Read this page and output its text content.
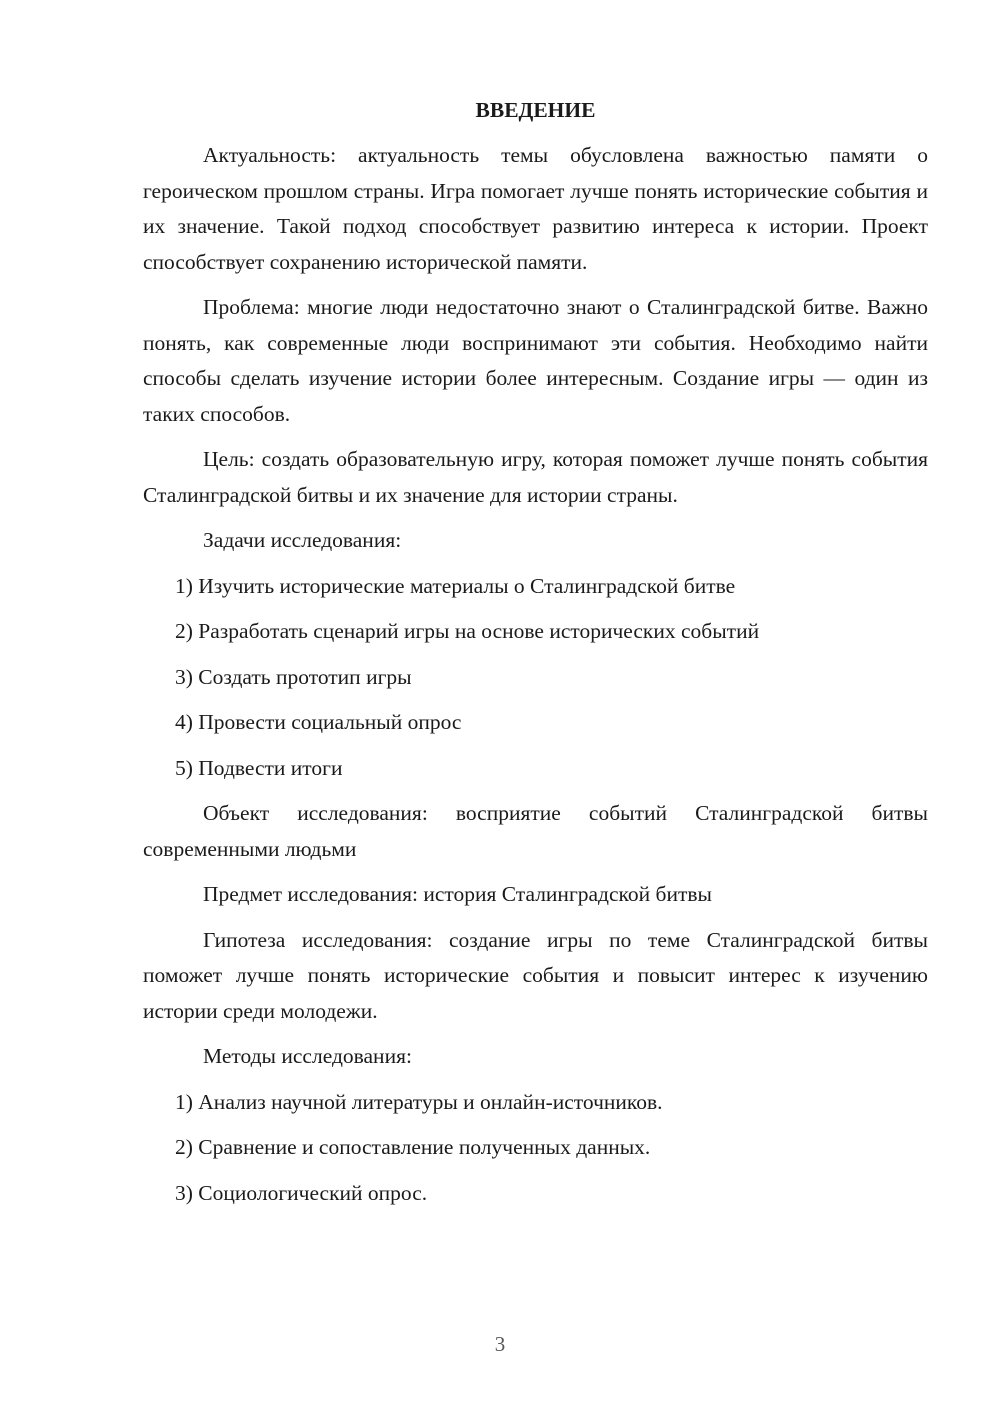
ВВЕДЕНИЕ

Актуальность: актуальность темы обусловлена важностью памяти о героическом прошлом страны. Игра помогает лучше понять исторические события и их значение. Такой подход способствует развитию интереса к истории. Проект способствует сохранению исторической памяти.

Проблема: многие люди недостаточно знают о Сталинградской битве. Важно понять, как современные люди воспринимают эти события. Необходимо найти способы сделать изучение истории более интересным. Создание игры — один из таких способов.

Цель: создать образовательную игру, которая поможет лучше понять события Сталинградской битвы и их значение для истории страны.

Задачи исследования:

1) Изучить исторические материалы о Сталинградской битве

2) Разработать сценарий игры на основе исторических событий

3) Создать прототип игры

4) Провести социальный опрос

5) Подвести итоги

Объект исследования: восприятие событий Сталинградской битвы современными людьми

Предмет исследования: история Сталинградской битвы

Гипотеза исследования: создание игры по теме Сталинградской битвы поможет лучше понять исторические события и повысит интерес к изучению истории среди молодежи.

Методы исследования:

1) Анализ научной литературы и онлайн-источников.

2) Сравнение и сопоставление полученных данных.

3) Социологический опрос.

3
